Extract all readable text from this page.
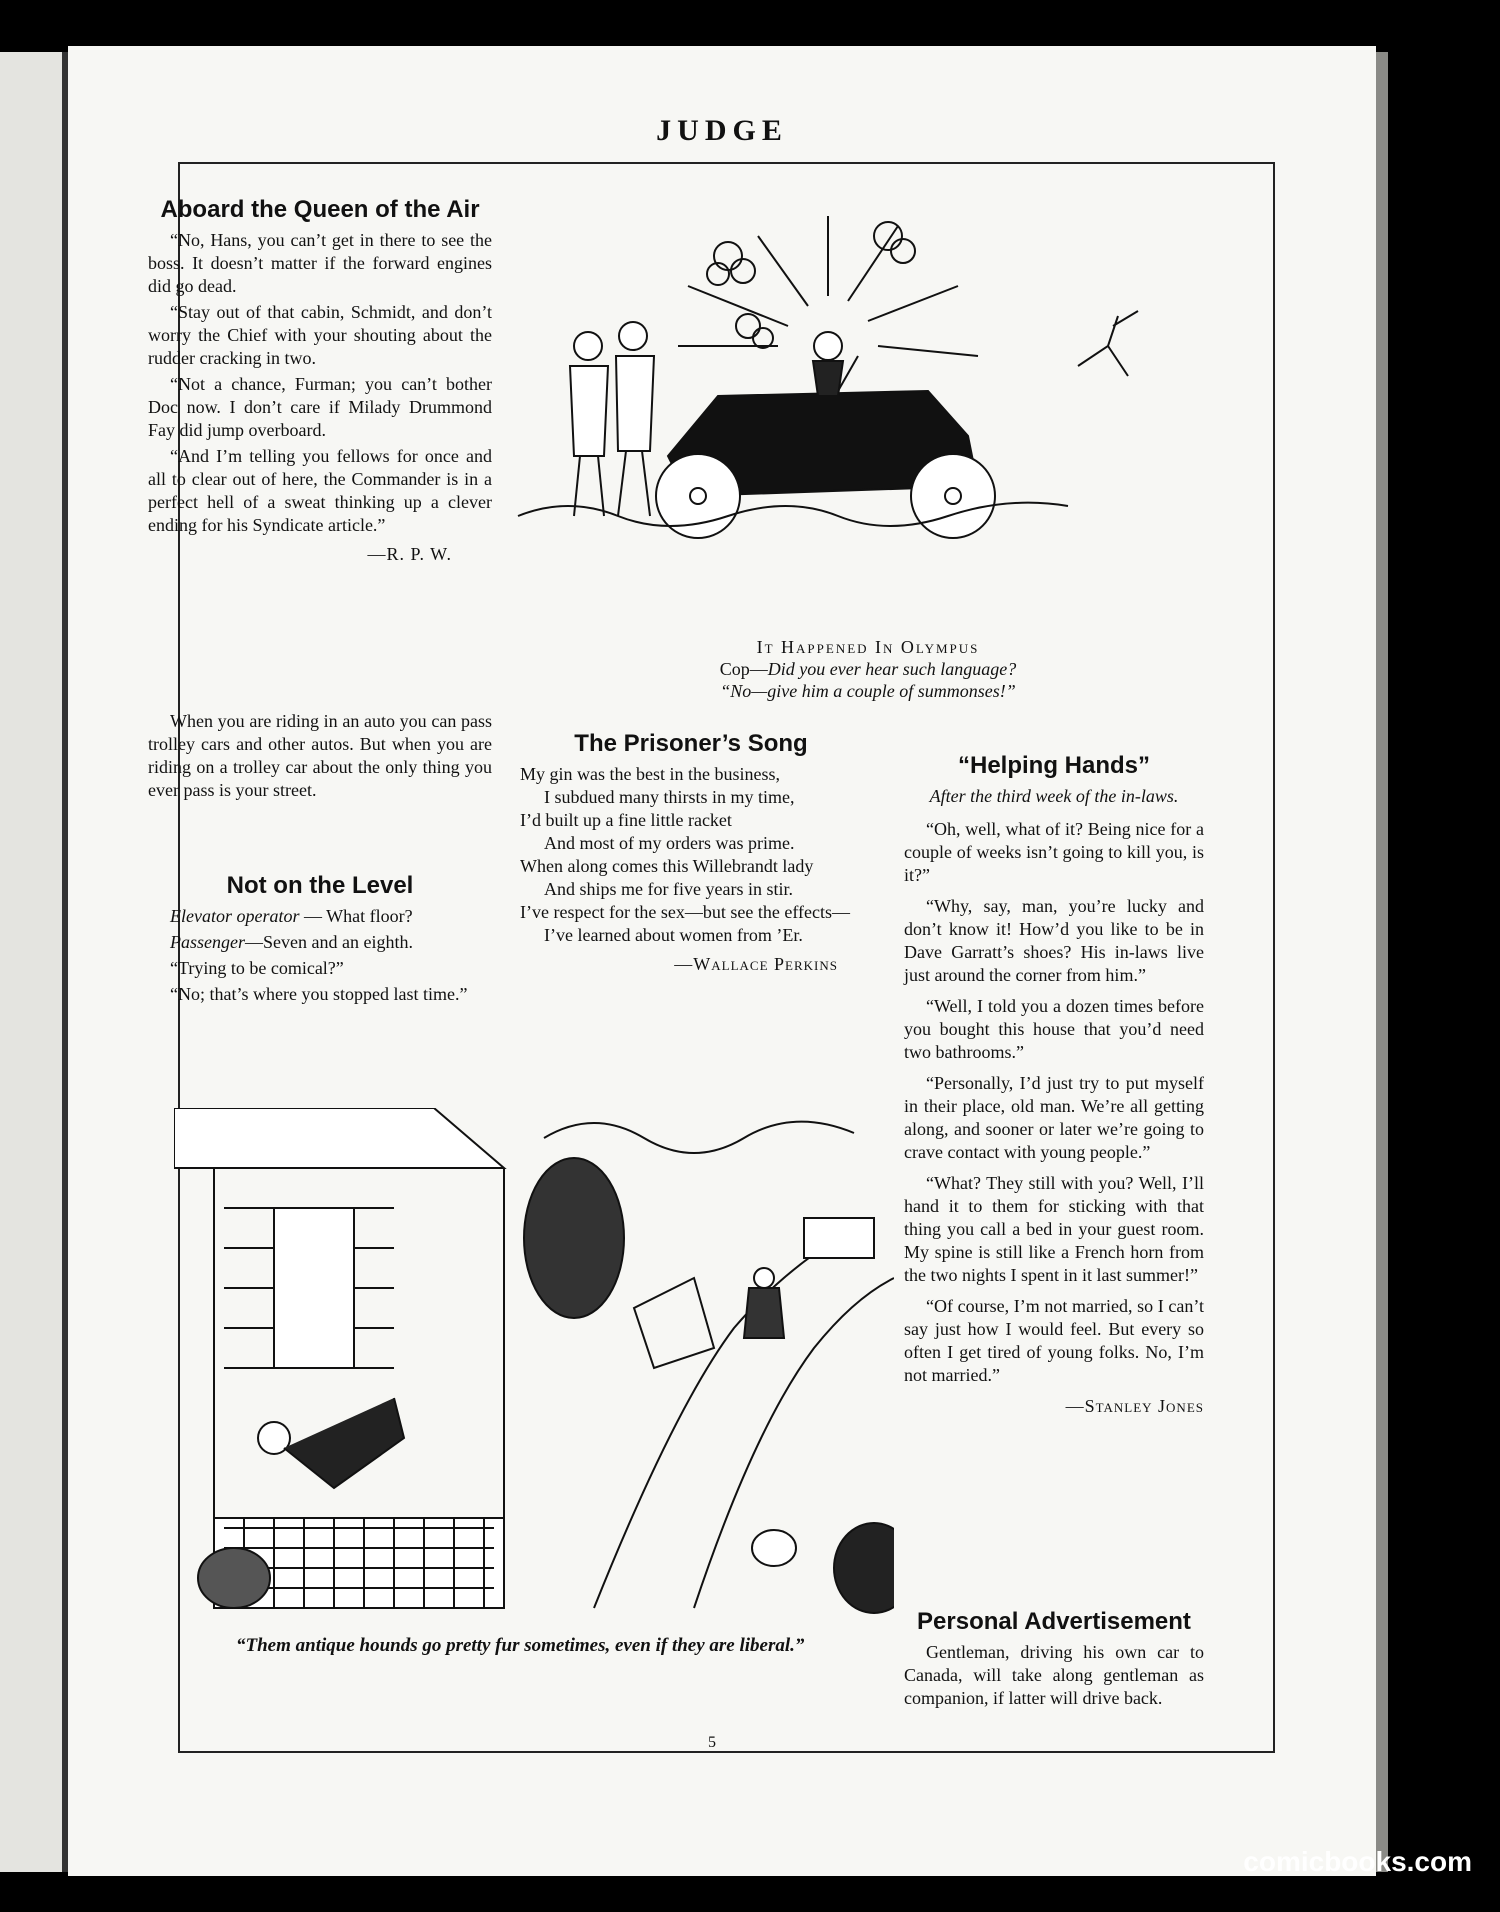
JUDGE
Aboard the Queen of the Air

“No, Hans, you can’t get in there to see the boss. It doesn’t matter if the forward engines did go dead.

“Stay out of that cabin, Schmidt, and don’t worry the Chief with your shouting about the rudder cracking in two.

“Not a chance, Furman; you can’t bother Doc now. I don’t care if Milady Drummond Fay did jump overboard.

“And I’m telling you fellows for once and all to clear out of here, the Commander is in a perfect hell of a sweat thinking up a clever ending for his Syndicate article.”

—R. P. W.

When you are riding in an auto you can pass trolley cars and other autos. But when you are riding on a trolley car about the only thing you ever pass is your street.

Not on the Level

Elevator operator — What floor?

Passenger—Seven and an eighth.

“Trying to be comical?”

“No; that’s where you stopped last time.”

It Happened In Olympus
Cop—Did you ever hear such language?
“No—give him a couple of summonses!”
The Prisoner’s Song
My gin was the best in the business,
I subdued many thirsts in my time,
I’d built up a fine little racket
And most of my orders was prime.
When along comes this Willebrandt lady
And ships me for five years in stir.
I’ve respect for the sex—but see the effects—
I’ve learned about women from ’Er.
—Wallace Perkins
“Helping Hands”

After the third week of the in-laws.

“Oh, well, what of it? Being nice for a couple of weeks isn’t going to kill you, is it?”

“Why, say, man, you’re lucky and don’t know it! How’d you like to be in Dave Garratt’s shoes? His in-laws live just around the corner from him.”

“Well, I told you a dozen times before you bought this house that you’d need two bathrooms.”

“Personally, I’d just try to put myself in their place, old man. We’re all getting along, and sooner or later we’re going to crave contact with young people.”

“What? They still with you? Well, I’ll hand it to them for sticking with that thing you call a bed in your guest room. My spine is still like a French horn from the two nights I spent in it last summer!”

“Of course, I’m not married, so I can’t say just how I would feel. But every so often I get tired of young folks. No, I’m not married.”

—Stanley Jones
Personal Advertisement

Gentleman, driving his own car to Canada, will take along gentleman as companion, if latter will drive back.

“Them antique hounds go pretty fur sometimes, even if they are liberal.”
5
comicbooks.com
